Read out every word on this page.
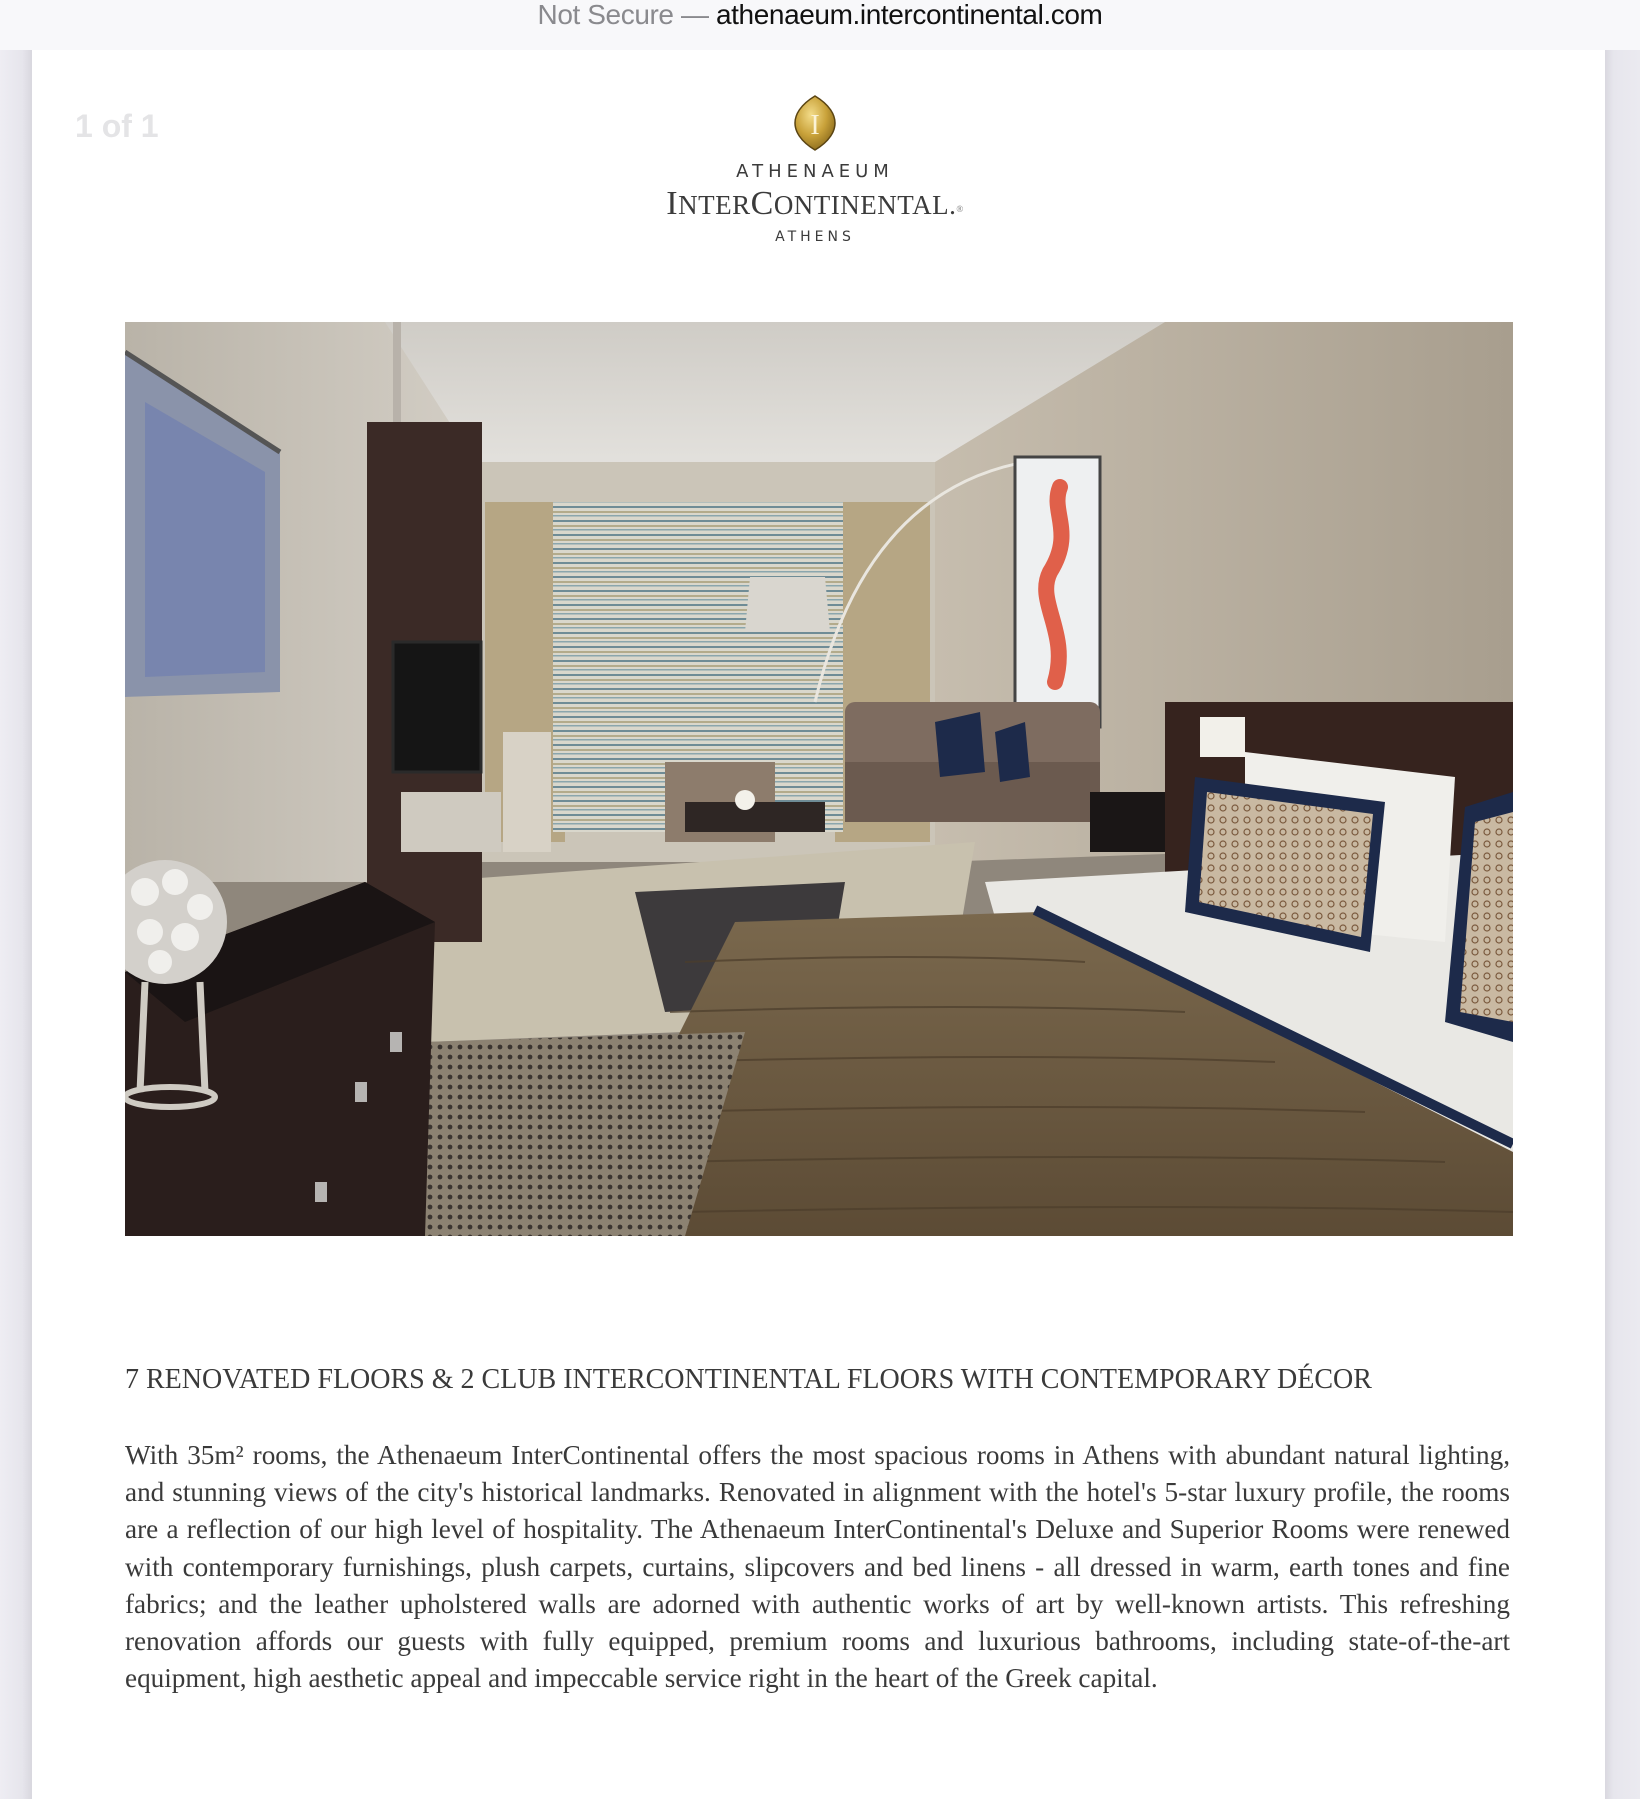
Not Secure — athenaeum.intercontinental.com
1 of 1	I
ATHENAEUM
INTERCONTINENTAL.®
ATHENS
7 RENOVATED FLOORS & 2 CLUB INTERCONTINENTAL FLOORS WITH CONTEMPORARY DÉCOR
With 35m² rooms, the Athenaeum InterContinental offers the most spacious rooms in Athens with abundant natural lighting, and stunning views of the city's historical landmarks. Renovated in alignment with the hotel's 5-star luxury profile, the rooms are a reflection of our high level of hospitality. The Athenaeum InterContinental's Deluxe and Superior Rooms were renewed with contemporary furnishings, plush carpets, curtains, slipcovers and bed linens - all dressed in warm, earth tones and fine fabrics; and the leather upholstered walls are adorned with authentic works of art by well-known artists. This refreshing renovation affords our guests with fully equipped, premium rooms and luxurious bathrooms, including state-of-the-art equipment, high aesthetic appeal and impeccable service right in the heart of the Greek capital.
